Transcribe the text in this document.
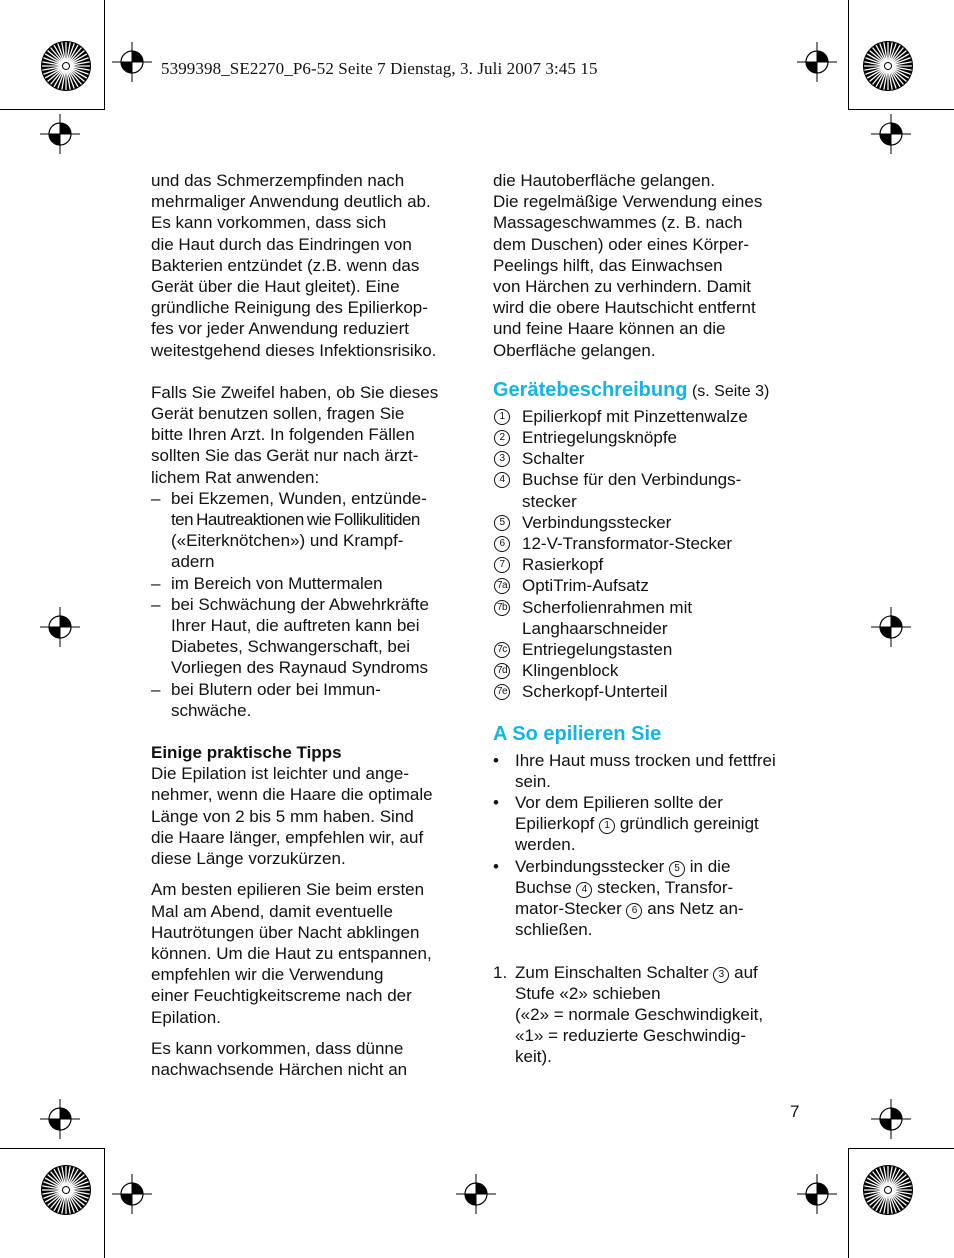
5399398_SE2270_P6-52 Seite 7 Dienstag, 3. Juli 2007 3:45 15

und das Schmerzempfinden nach
mehrmaliger Anwendung deutlich ab.
Es kann vorkommen, dass sich
die Haut durch das Eindringen von
Bakterien entzündet (z.B. wenn das
Gerät über die Haut gleitet). Eine
gründliche Reinigung des Epilierkop-
fes vor jeder Anwendung reduziert
weitestgehend dieses Infektionsrisiko.

Falls Sie Zweifel haben, ob Sie dieses
Gerät benutzen sollen, fragen Sie
bitte Ihren Arzt. In folgenden Fällen
sollten Sie das Gerät nur nach ärzt-
lichem Rat anwenden:

– bei Ekzemen, Wunden, entzünde-
ten Hautreaktionen wie Follikulitiden
(«Eiterknötchen») und Krampf-
adern
– im Bereich von Muttermalen
– bei Schwächung der Abwehrkräfte
Ihrer Haut, die auftreten kann bei
Diabetes, Schwangerschaft, bei
Vorliegen des Raynaud Syndroms
– bei Blutern oder bei Immun-
schwäche.

Einige praktische Tipps

Die Epilation ist leichter und ange-
nehmer, wenn die Haare die optimale
Länge von 2 bis 5 mm haben. Sind
die Haare länger, empfehlen wir, auf
diese Länge vorzukürzen.

Am besten epilieren Sie beim ersten
Mal am Abend, damit eventuelle
Hautrötungen über Nacht abklingen
können. Um die Haut zu entspannen,
empfehlen wir die Verwendung
einer Feuchtigkeitscreme nach der
Epilation.

Es kann vorkommen, dass dünne
nachwachsende Härchen nicht an

die Hautoberfläche gelangen.
Die regelmäßige Verwendung eines
Massageschwammes (z. B. nach
dem Duschen) oder eines Körper-
Peelings hilft, das Einwachsen
von Härchen zu verhindern. Damit
wird die obere Hautschicht entfernt
und feine Haare können an die
Oberfläche gelangen.

Gerätebeschreibung (s. Seite 3)

1	Epilierkopf mit Pinzettenwalze
2	Entriegelungsknöpfe
3	Schalter
4	Buchse für den Verbindungs-
stecker
5	Verbindungsstecker
6	12-V-Transformator-Stecker
7	Rasierkopf
7a OptiTrim-Aufsatz
7b Scherfolienrahmen mit
Langhaarschneider
7c Entriegelungstasten
7d Klingenblock
7e Scherkopf-Unterteil

A So epilieren Sie

• Ihre Haut muss trocken und fettfrei
sein.
• Vor dem Epilieren sollte der
Epilierkopf 1 gründlich gereinigt
werden.
• Verbindungsstecker 5 in die
Buchse 4 stecken, Transfor-
mator-Stecker 6 ans Netz an-
schließen.
1. Zum Einschalten Schalter 3 auf
Stufe «2» schieben
(«2» = normale Geschwindigkeit,
«1» = reduzierte Geschwindig-
keit).
7
